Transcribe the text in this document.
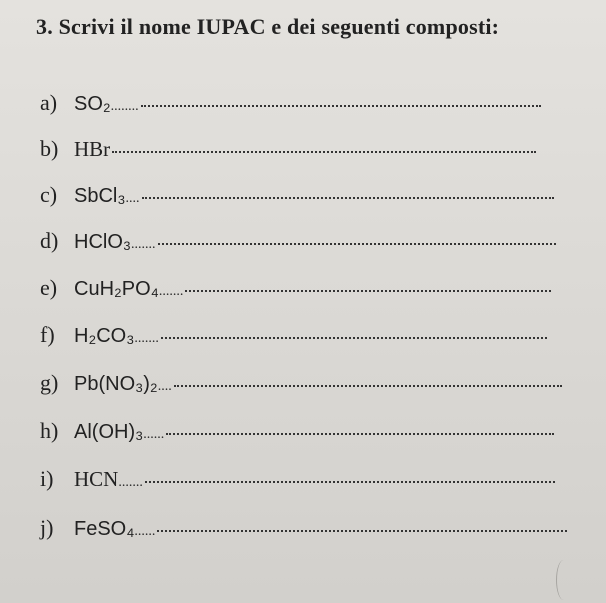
3. Scrivi il nome IUPAC e dei seguenti composti:
a) SO₂ ........
b) HBr
c) SbCl₃ ....
d) HClO₃ .......
e) CuH₂PO₄ .......
f) H₂CO₃ .......
g) Pb(NO₃)₂ ....
h) Al(OH)₃ ......
i) HCN .......
j)	FeSO₄ ......
